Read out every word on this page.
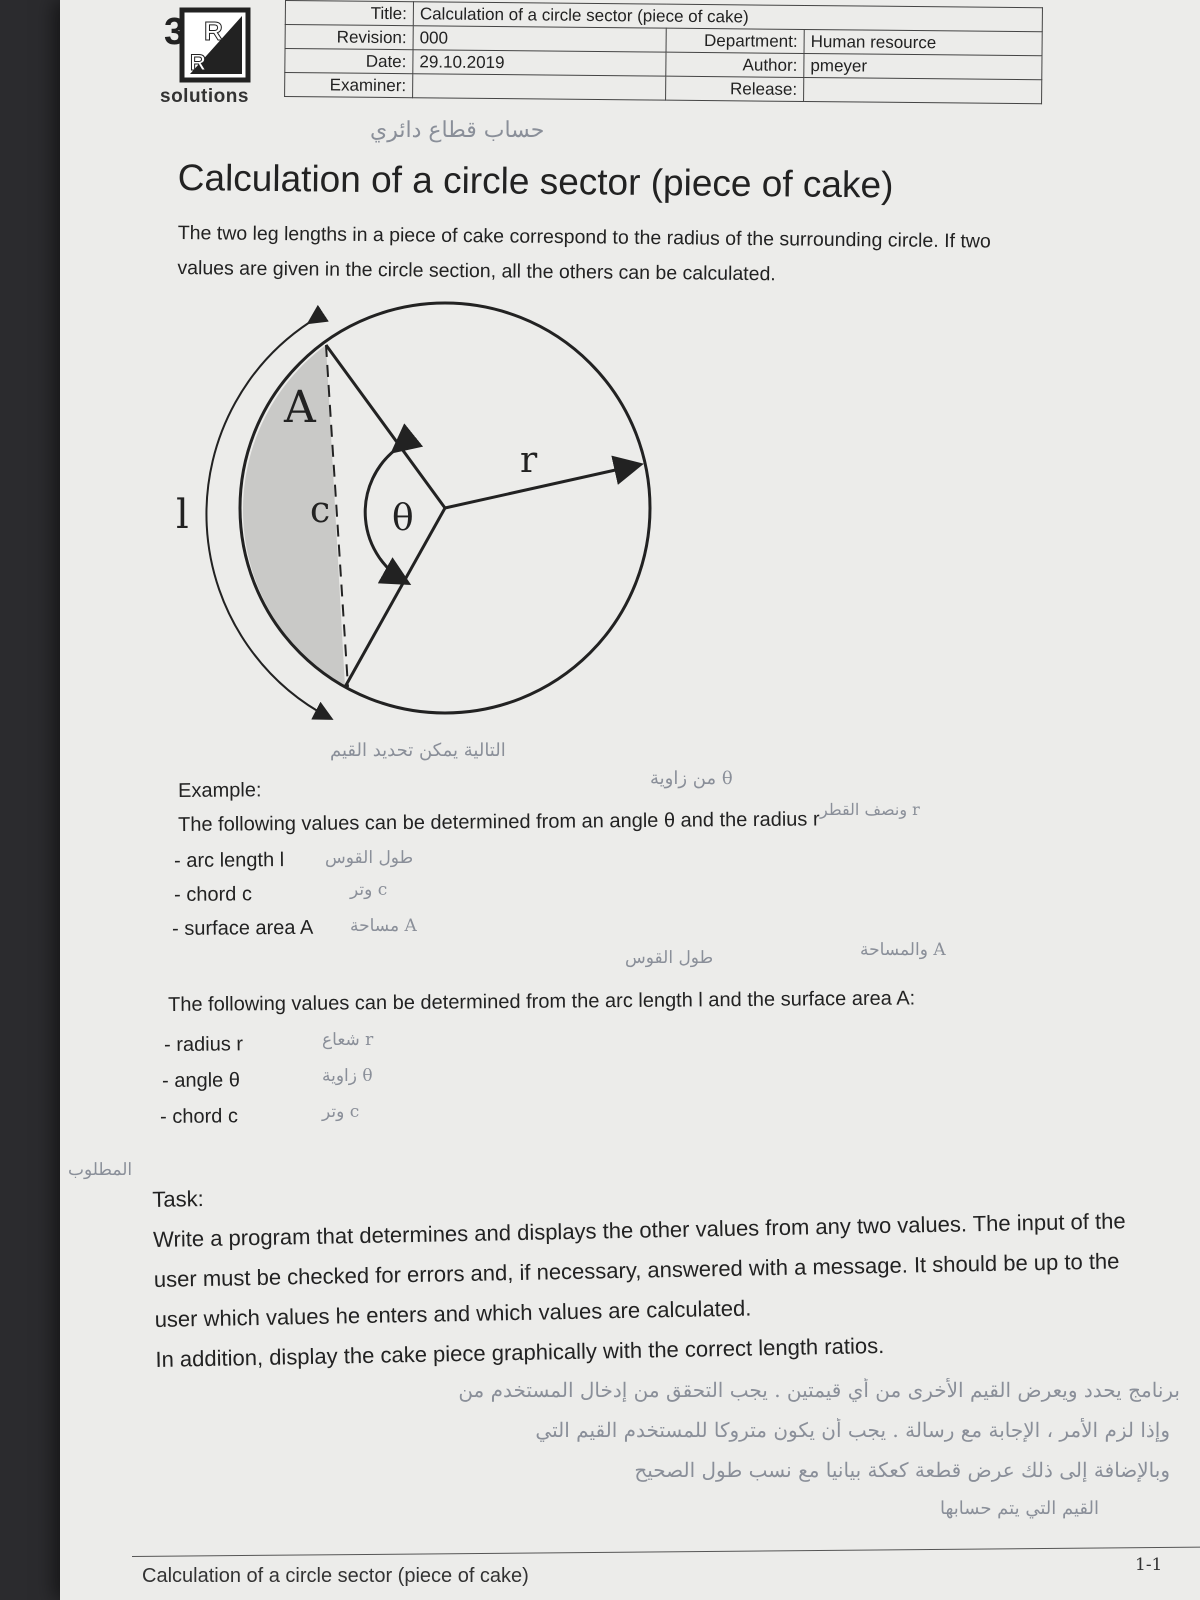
3 R
R
solutions
Title:	Calculation of a circle sector (piece of cake)		
Revision:	000	Department:	Human resource
Date:	29.10.2019	Author:	pmeyer
Examiner:		Release:	
حساب قطاع دائري
Calculation of a circle sector (piece of cake)
The two leg lengths in a piece of cake correspond to the radius of the surrounding circle. If two values are given in the circle section, all the others can be calculated.
A
c θ
r
l
التالية يمكن تحديد القيم
من زاوية θ
ونصف القطر r
Example:
The following values can be determined from an angle θ and the radius r
- arc length l
- chord c
- surface area A
طول القوس
وتر c
مساحة A
طول القوس	والمساحة A
The following values can be determined from the arc length l and the surface area A:
- radius r
- angle θ
- chord c
شعاع r
زاوية θ
وتر c
المطلوب
Task:
Write a program that determines and displays the other values from any two values. The input of the user must be checked for errors and, if necessary, answered with a message. It should be up to the user which values he enters and which values are calculated.
In addition, display the cake piece graphically with the correct length ratios.
برنامج يحدد ويعرض القيم الأخرى من أي قيمتين . يجب التحقق من إدخال المستخدم من
وإذا لزم الأمر ، الإجابة مع رسالة . يجب أن يكون متروكا للمستخدم القيم التي
وبالإضافة إلى ذلك عرض قطعة كعكة بيانيا مع نسب طول الصحيح
القيم التي يتم حسابها
Calculation of a circle sector (piece of cake)	1-1
